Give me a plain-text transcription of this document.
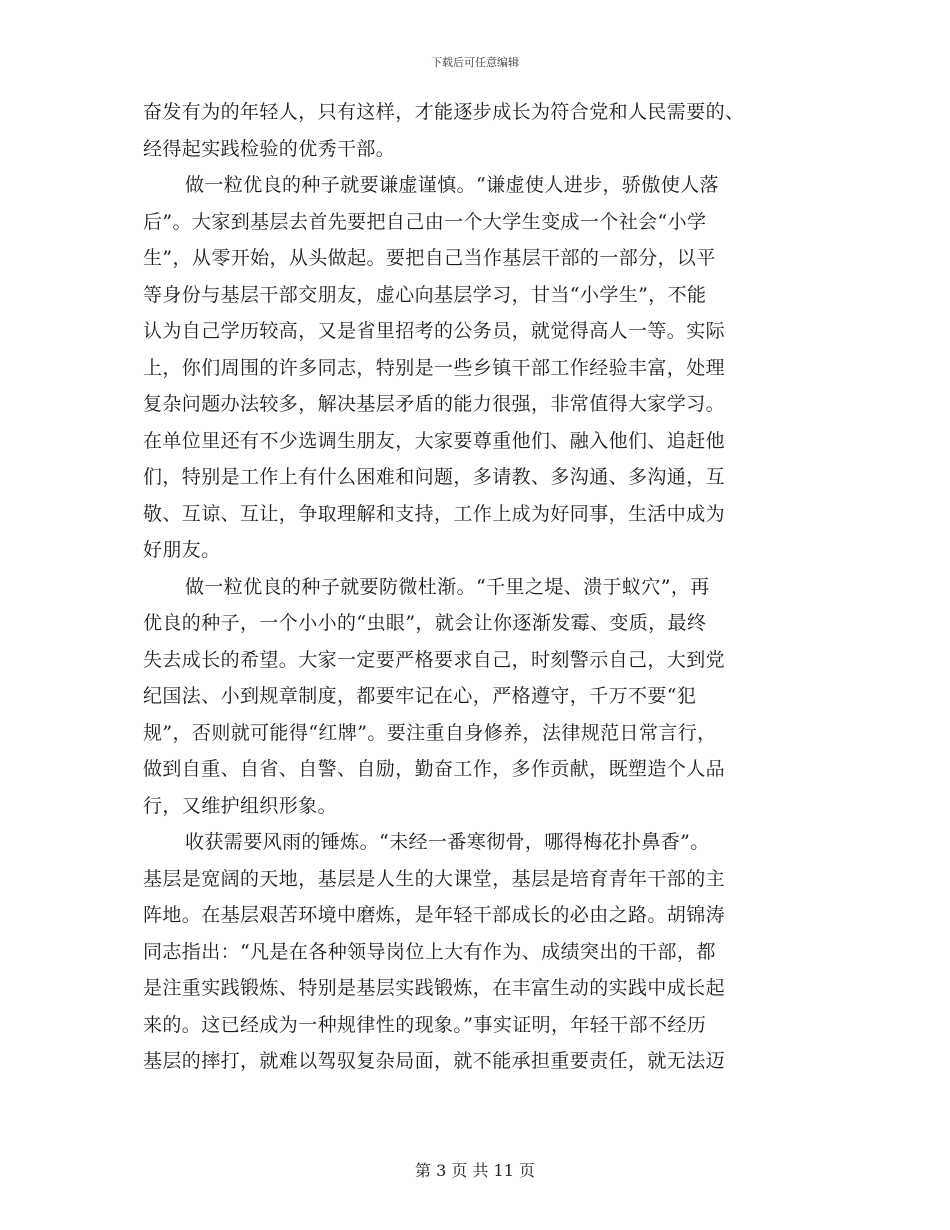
下载后可任意编辑
奋发有为的年轻人，只有这样，才能逐步成长为符合党和人民需要的、
经得起实践检验的优秀干部。
做一粒优良的种子就要谦虚谨慎。“谦虚使人进步，骄傲使人落
后”。大家到基层去首先要把自己由一个大学生变成一个社会“小学
生”，从零开始，从头做起。要把自己当作基层干部的一部分，以平
等身份与基层干部交朋友，虚心向基层学习，甘当“小学生”，不能
认为自己学历较高，又是省里招考的公务员，就觉得高人一等。实际
上，你们周围的许多同志，特别是一些乡镇干部工作经验丰富，处理
复杂问题办法较多，解决基层矛盾的能力很强，非常值得大家学习。
在单位里还有不少选调生朋友，大家要尊重他们、融入他们、追赶他
们，特别是工作上有什么困难和问题，多请教、多沟通、多沟通，互
敬、互谅、互让，争取理解和支持，工作上成为好同事，生活中成为
好朋友。
做一粒优良的种子就要防微杜渐。“千里之堤、溃于蚁穴”，再
优良的种子，一个小小的“虫眼”，就会让你逐渐发霉、变质，最终
失去成长的希望。大家一定要严格要求自己，时刻警示自己，大到党
纪国法、小到规章制度，都要牢记在心，严格遵守，千万不要“犯
规”，否则就可能得“红牌”。要注重自身修养，法律规范日常言行，
做到自重、自省、自警、自励，勤奋工作，多作贡献，既塑造个人品
行，又维护组织形象。
收获需要风雨的锤炼。“未经一番寒彻骨，哪得梅花扑鼻香”。
基层是宽阔的天地，基层是人生的大课堂，基层是培育青年干部的主
阵地。在基层艰苦环境中磨炼，是年轻干部成长的必由之路。胡锦涛
同志指出：“凡是在各种领导岗位上大有作为、成绩突出的干部，都
是注重实践锻炼、特别是基层实践锻炼，在丰富生动的实践中成长起
来的。这已经成为一种规律性的现象。”事实证明，年轻干部不经历
基层的摔打，就难以驾驭复杂局面，就不能承担重要责任，就无法迈
第 3 页 共 11 页
